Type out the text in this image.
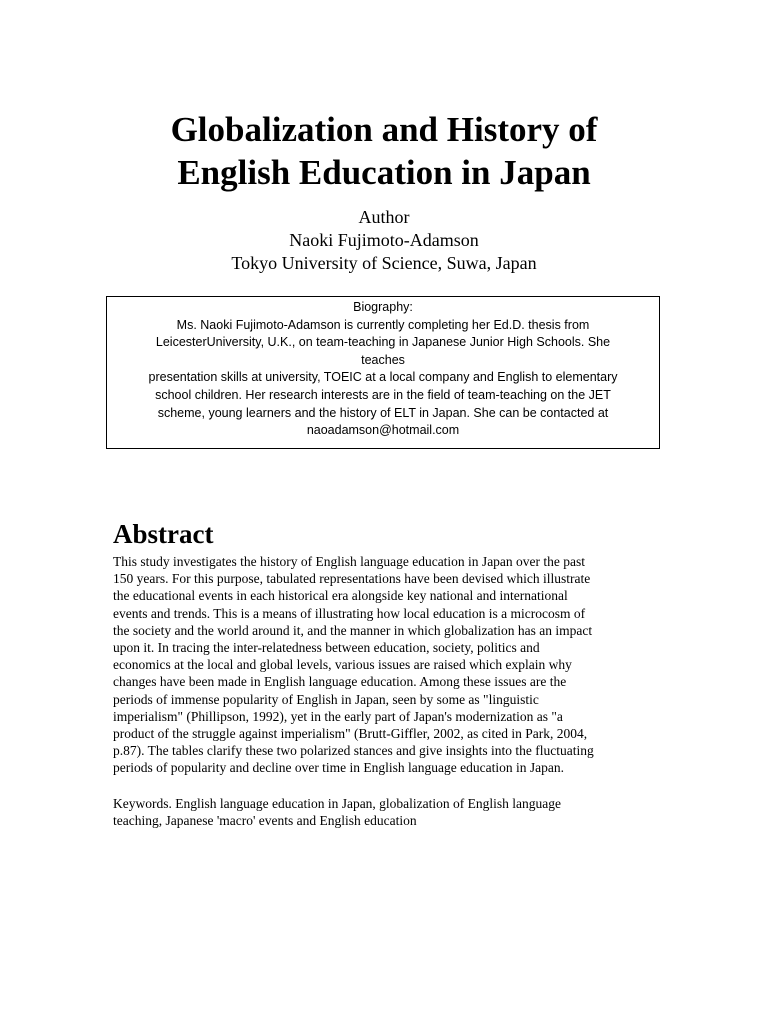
Globalization and History of
English Education in Japan
Author
Naoki Fujimoto-Adamson
Tokyo University of Science, Suwa, Japan
Biography:
Ms. Naoki Fujimoto-Adamson is currently completing her Ed.D. thesis from
LeicesterUniversity, U.K., on team-teaching in Japanese Junior High Schools. She
teaches
presentation skills at university, TOEIC at a local company and English to elementary
school children. Her research interests are in the field of team-teaching on the JET
scheme, young learners and the history of ELT in Japan. She can be contacted at
naoadamson@hotmail.com
Abstract
This study investigates the history of English language education in Japan over the past
150 years. For this purpose, tabulated representations have been devised which illustrate
the educational events in each historical era alongside key national and international
events and trends. This is a means of illustrating how local education is a microcosm of
the society and the world around it, and the manner in which globalization has an impact
upon it. In tracing the inter-relatedness between education, society, politics and
economics at the local and global levels, various issues are raised which explain why
changes have been made in English language education. Among these issues are the
periods of immense popularity of English in Japan, seen by some as "linguistic
imperialism" (Phillipson, 1992), yet in the early part of Japan's modernization as "a
product of the struggle against imperialism" (Brutt-Giffler, 2002, as cited in Park, 2004,
p.87). The tables clarify these two polarized stances and give insights into the fluctuating
periods of popularity and decline over time in English language education in Japan.
Keywords. English language education in Japan, globalization of English language
teaching, Japanese 'macro' events and English education
